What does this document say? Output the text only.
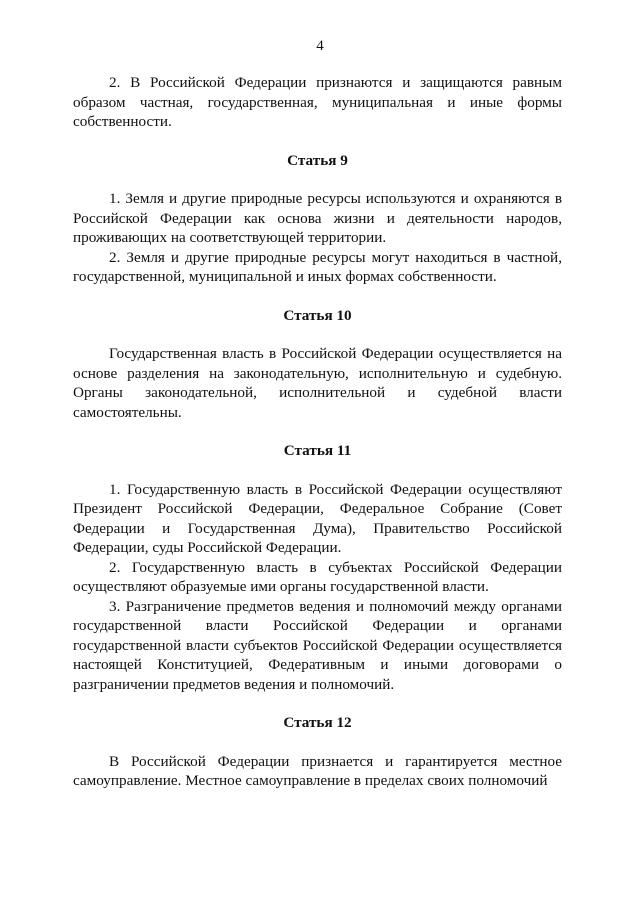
4

2. В Российской Федерации признаются и защищаются равным образом частная, государственная, муниципальная и иные формы собственности.

Статья 9

1. Земля и другие природные ресурсы используются и охраняются в Российской Федерации как основа жизни и деятельности народов, проживающих на соответствующей территории.

2. Земля и другие природные ресурсы могут находиться в частной, государственной, муниципальной и иных формах собственности.

Статья 10

Государственная власть в Российской Федерации осуществляется на основе разделения на законодательную, исполнительную и судебную. Органы законодательной, исполнительной и судебной власти самостоятельны.

Статья 11

1. Государственную власть в Российской Федерации осуществляют Президент Российской Федерации, Федеральное Собрание (Совет Федерации и Государственная Дума), Правительство Российской Федерации, суды Российской Федерации.

2. Государственную власть в субъектах Российской Федерации осуществляют образуемые ими органы государственной власти.

3. Разграничение предметов ведения и полномочий между органами государственной власти Российской Федерации и органами государственной власти субъектов Российской Федерации осуществляется настоящей Конституцией, Федеративным и иными договорами о разграничении предметов ведения и полномочий.

Статья 12

В Российской Федерации признается и гарантируется местное самоуправление. Местное самоуправление в пределах своих полномочий
